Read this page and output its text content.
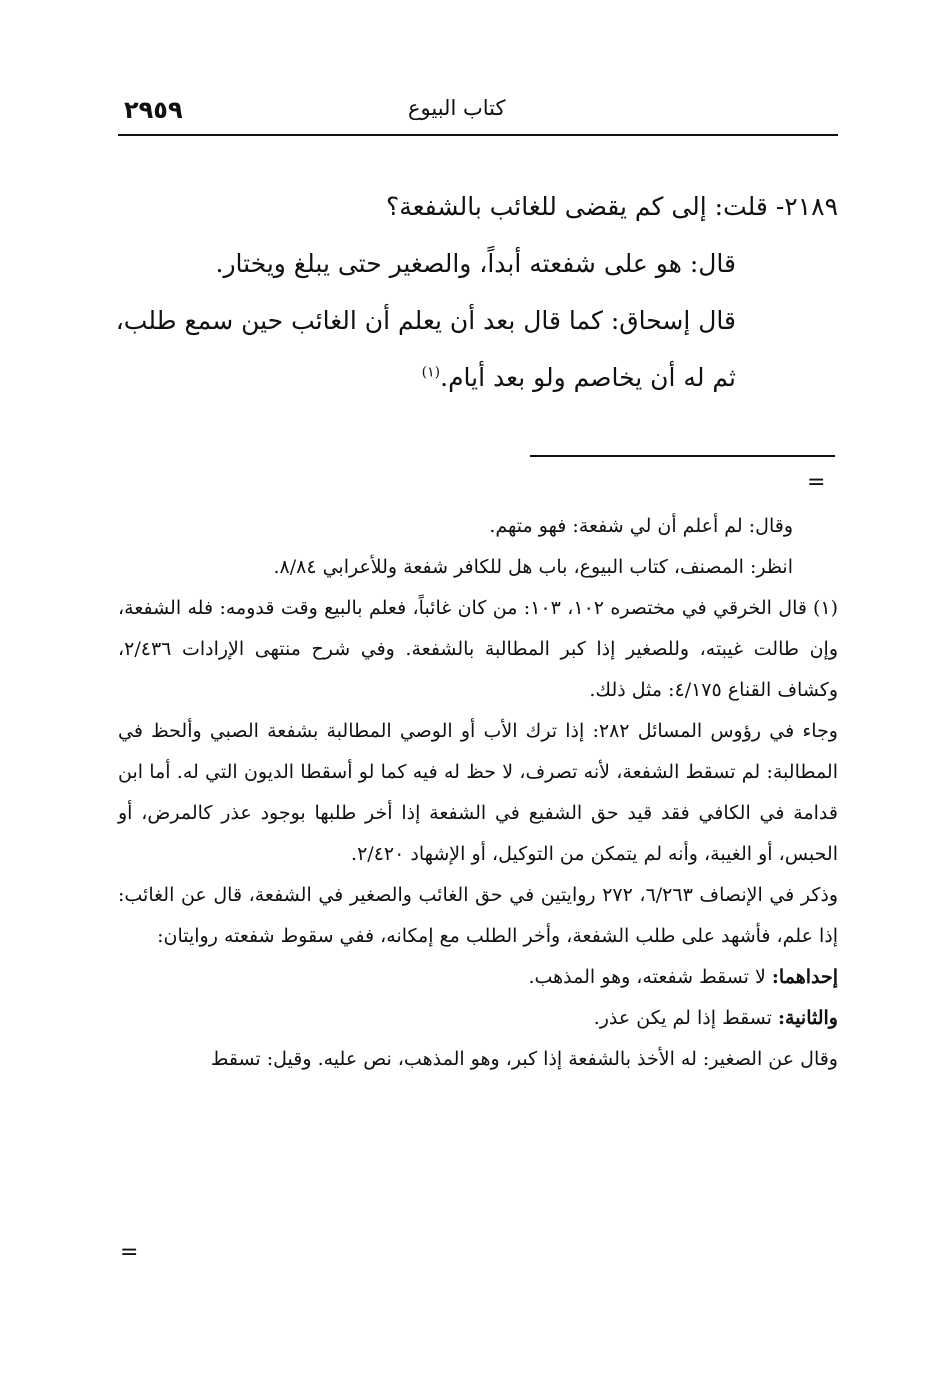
٢٩٥٩	كتاب البيوع

٢١٨٩- قلت: إلى كم يقضى للغائب بالشفعة؟

قال: هو على شفعته أبداً، والصغير حتى يبلغ ويختار.

قال إسحاق: كما قال بعد أن يعلم أن الغائب حين سمع طلب،

ثم له أن يخاصم ولو بعد أيام.$^{(١)}$

=

وقال: لم أعلم أن لي شفعة: فهو متهم.

انظر: المصنف، كتاب البيوع، باب هل للكافر شفعة وللأعرابي ٨/٨٤.

(١)قال الخرقي في مختصره ١٠٢، ١٠٣: من كان غائباً، فعلم بالبيع وقت قدومه: فله الشفعة، وإن طالت غيبته، وللصغير إذا كبر المطالبة بالشفعة. وفي شرح منتهى الإرادات ٢/٤٣٦، وكشاف القناع ٤/١٧٥: مثل ذلك.

وجاء في رؤوس المسائل ٢٨٢: إذا ترك الأب أو الوصي المطالبة بشفعة الصبي وألحظ في المطالبة: لم تسقط الشفعة، لأنه تصرف، لا حظ له فيه كما لو أسقطا الديون التي له. أما ابن قدامة في الكافي فقد قيد حق الشفيع في الشفعة إذا أخر طلبها بوجود عذر كالمرض، أو الحبس، أو الغيبة، وأنه لم يتمكن من التوكيل، أو الإشهاد ٢/٤٢٠.

وذكر في الإنصاف ٦/٢٦٣، ٢٧٢ روايتين في حق الغائب والصغير في الشفعة، قال عن الغائب: إذا علم، فأشهد على طلب الشفعة، وأخر الطلب مع إمكانه، ففي سقوط شفعته روايتان:

إحداهما: لا تسقط شفعته، وهو المذهب.

والثانية: تسقط إذا لم يكن عذر.

وقال عن الصغير: له الأخذ بالشفعة إذا كبر، وهو المذهب، نص عليه. وقيل: تسقط

=
